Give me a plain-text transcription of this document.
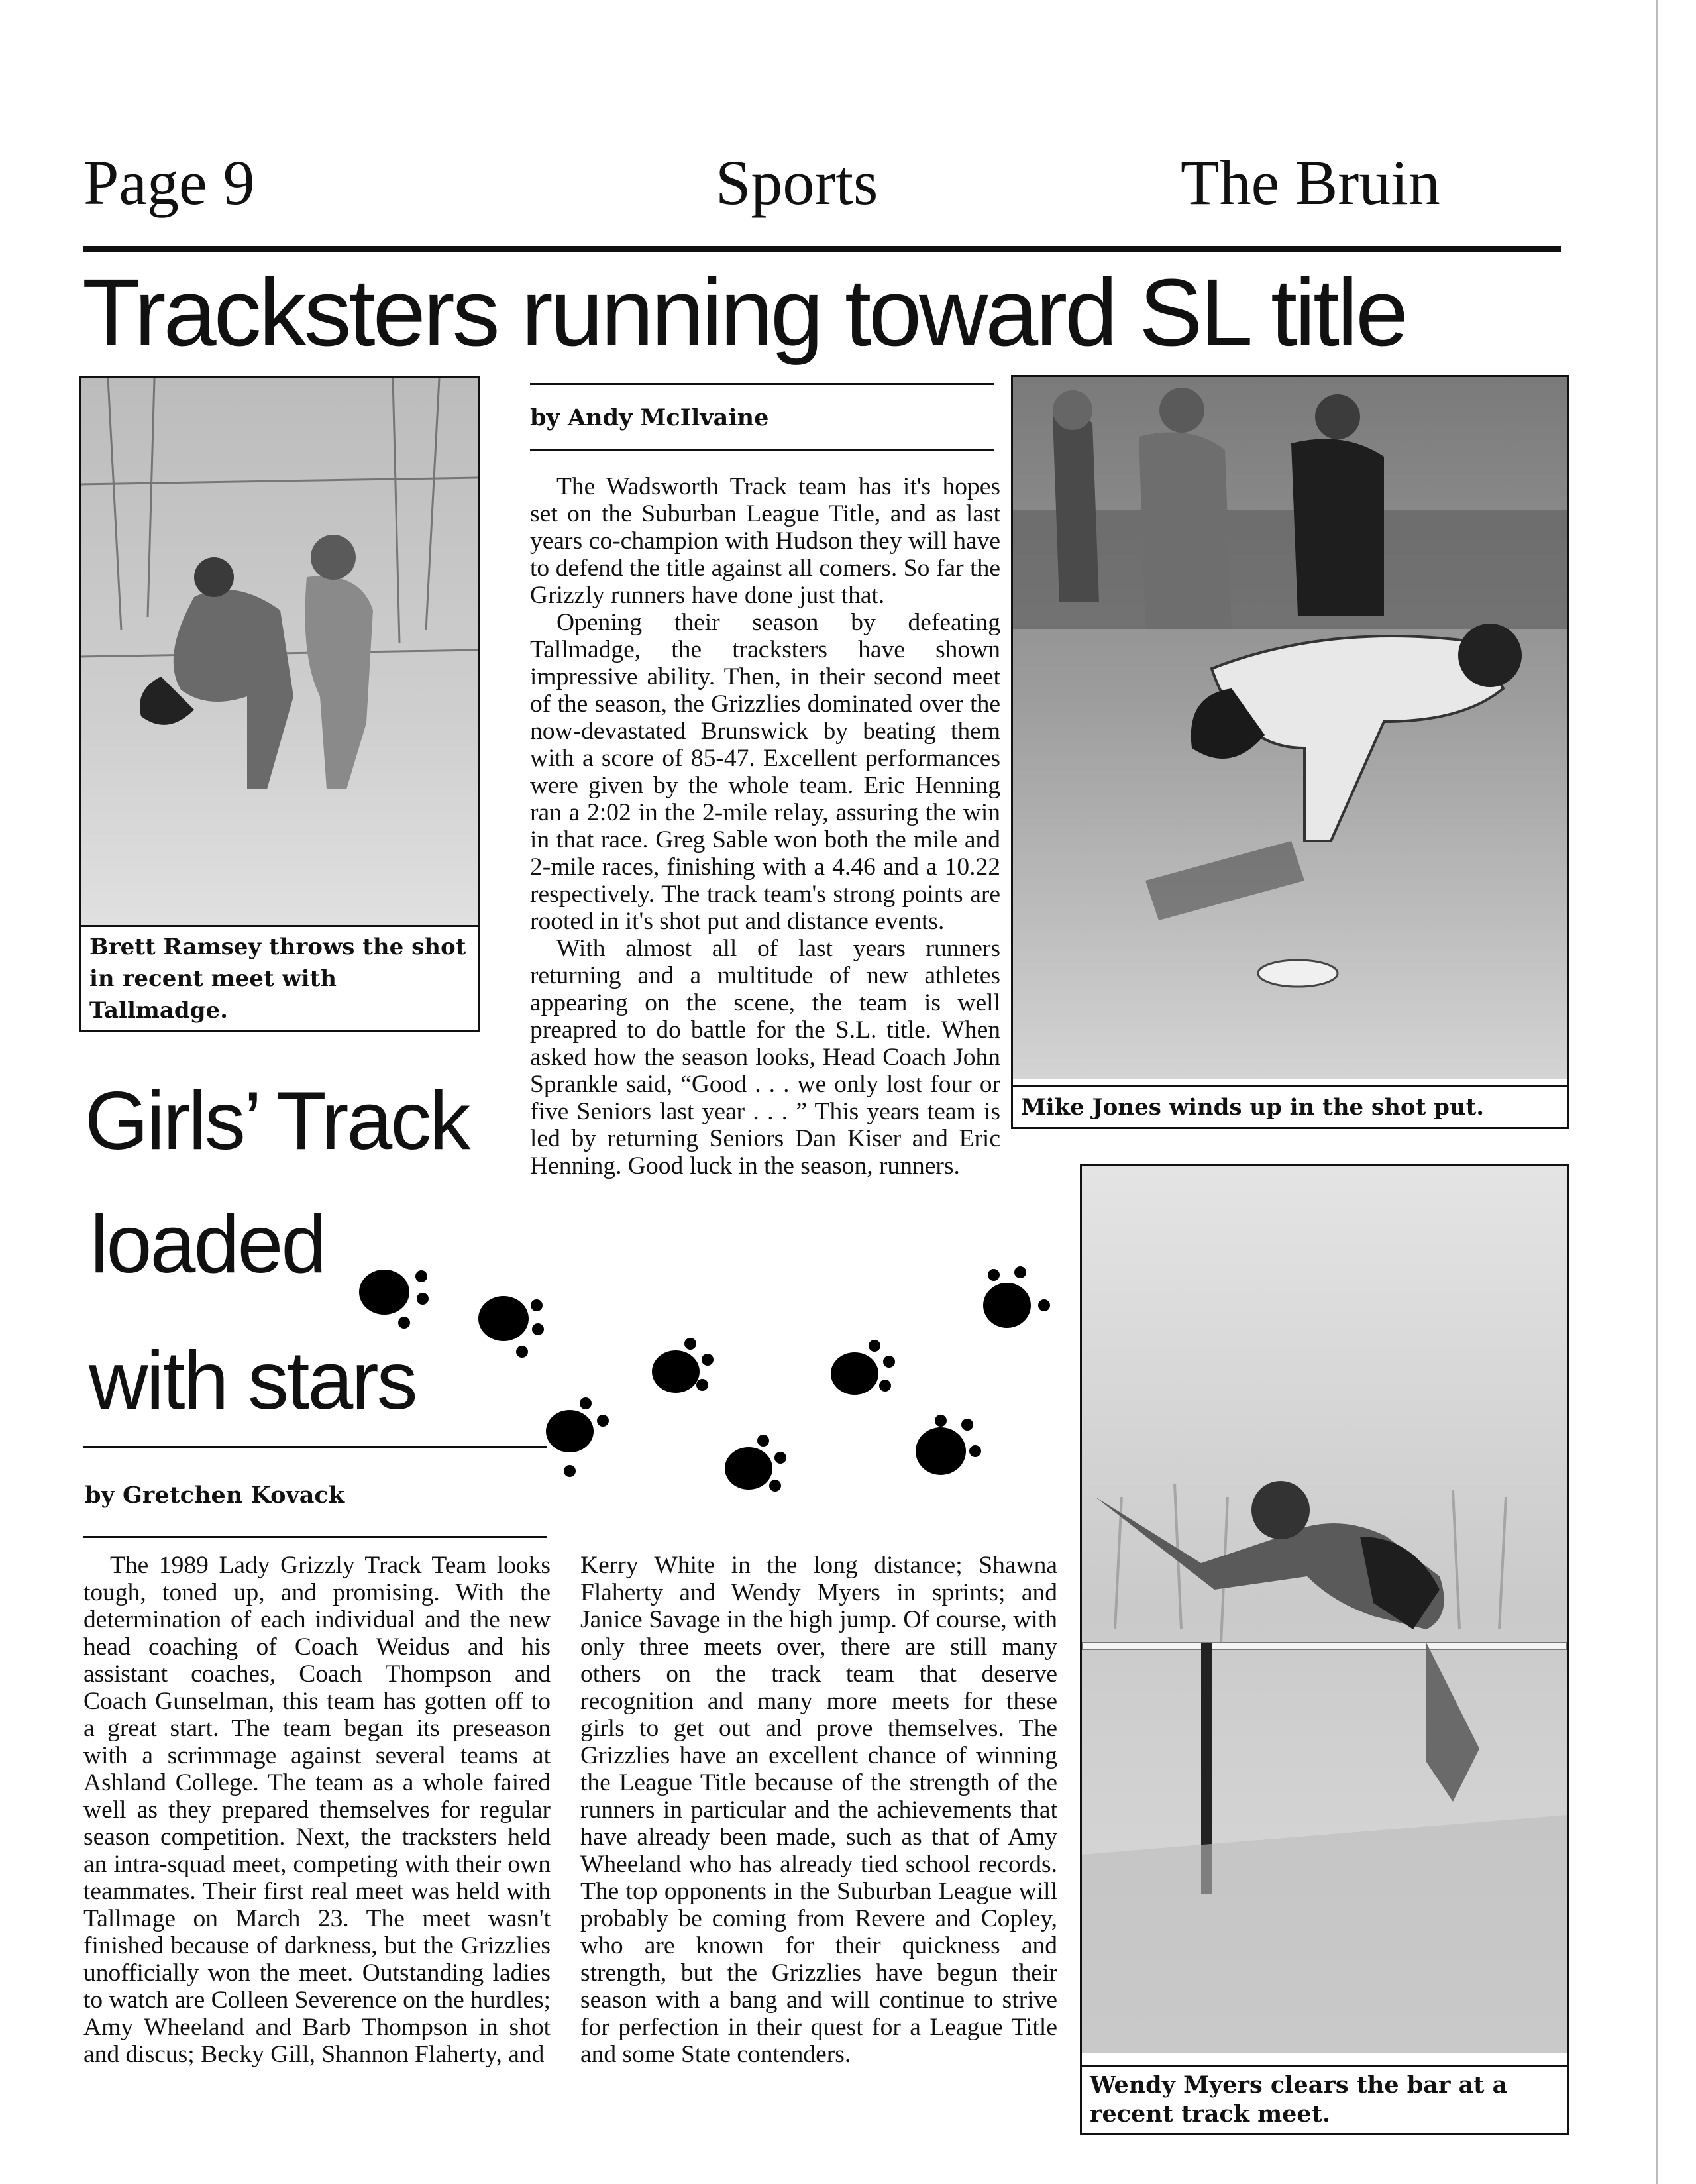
Page 9	Sports	The Bruin
Tracksters running toward SL title
Brett Ramsey throws the shot in recent meet with Tallmadge.
by Andy McIlvaine

The Wadsworth Track team has it's hopes set on the Suburban League Title, and as last years co-champion with Hudson they will have to defend the title against all comers. So far the Grizzly runners have done just that.

Opening their season by defeating Tallmadge, the tracksters have shown impressive ability. Then, in their second meet of the season, the Grizzlies dominated over the now-devastated Brunswick by beating them with a score of 85-47. Excellent performances were given by the whole team. Eric Henning ran a 2:02 in the 2-mile relay, assuring the win in that race. Greg Sable won both the mile and 2-mile races, finishing with a 4.46 and a 10.22 respectively. The track team's strong points are rooted in it's shot put and distance events.

With almost all of last years runners returning and a multitude of new athletes appearing on the scene, the team is well preapred to do battle for the S.L. title. When asked how the season looks, Head Coach John Sprankle said, “Good . . . we only lost four or five Seniors last year . . . ” This years team is led by returning Seniors Dan Kiser and Eric Henning. Good luck in the season, runners.

Mike Jones winds up in the shot put.
Girls’ Track
loaded
with stars
by Gretchen Kovack

The 1989 Lady Grizzly Track Team looks tough, toned up, and promising. With the determination of each individual and the new head coaching of Coach Weidus and his assistant coaches, Coach Thompson and Coach Gunselman, this team has gotten off to a great start. The team began its preseason with a scrimmage against several teams at Ashland College. The team as a whole faired well as they prepared themselves for regular season competition. Next, the tracksters held an intra-squad meet, competing with their own teammates. Their first real meet was held with Tallmage on March 23. The meet wasn't finished because of darkness, but the Grizzlies unofficially won the meet. Outstanding ladies to watch are Colleen Severence on the hurdles; Amy Wheeland and Barb Thompson in shot and discus; Becky Gill, Shannon Flaherty, and

Kerry White in the long distance; Shawna Flaherty and Wendy Myers in sprints; and Janice Savage in the high jump. Of course, with only three meets over, there are still many others on the track team that deserve recognition and many more meets for these girls to get out and prove themselves. The Grizzlies have an excellent chance of winning the League Title because of the strength of the runners in particular and the achievements that have already been made, such as that of Amy Wheeland who has already tied school records. The top opponents in the Suburban League will probably be coming from Revere and Copley, who are known for their quickness and strength, but the Grizzlies have begun their season with a bang and will continue to strive for perfection in their quest for a League Title and some State contenders.

Wendy Myers clears the bar at a recent track meet.
